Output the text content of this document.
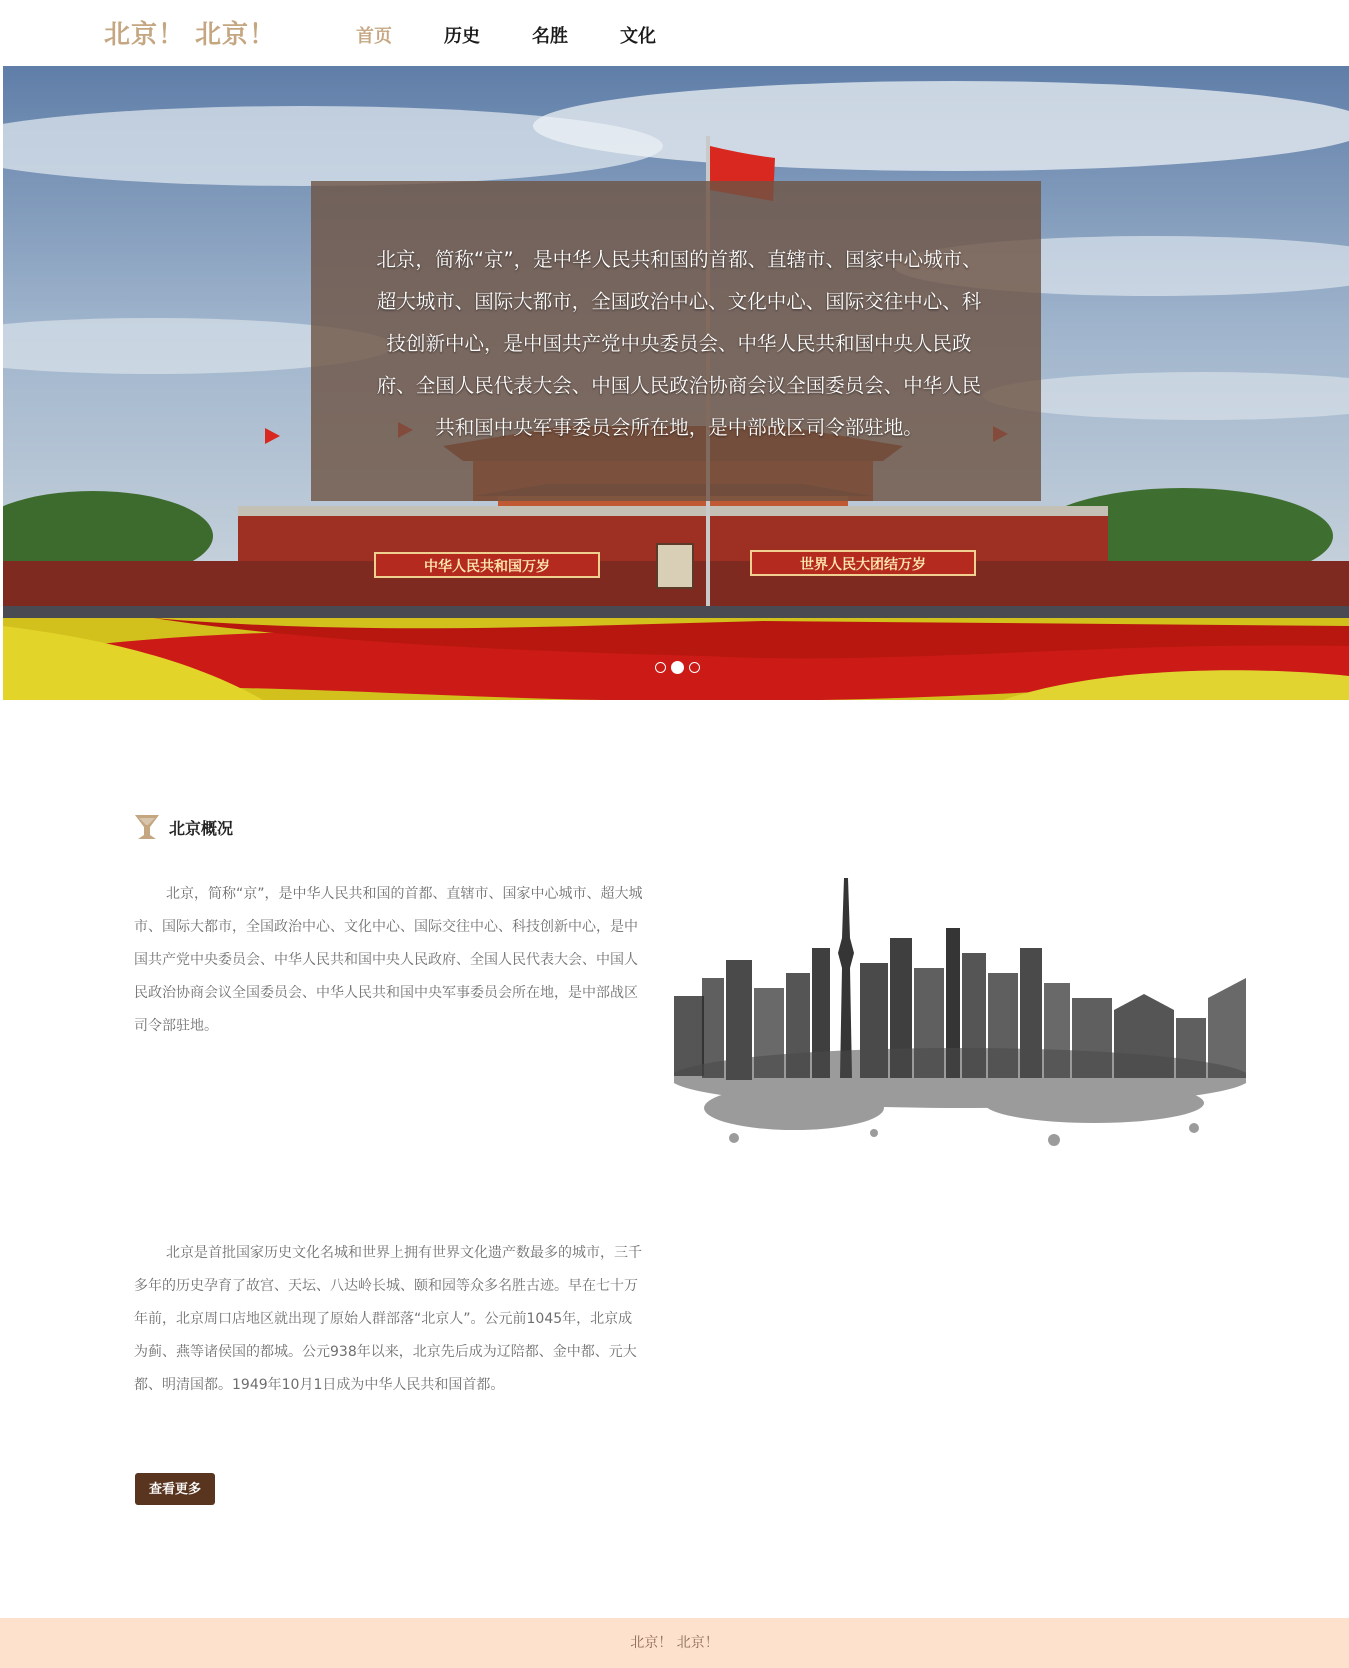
北京！ 北京！	首页	历史	名胜	文化
中华人民共和国万岁	世界人民大团结万岁
北京，简称“京”，是中华人民共和国的首都、直辖市、国家中心城市、超大城市、国际大都市，全国政治中心、文化中心、国际交往中心、科技创新中心，是中国共产党中央委员会、中华人民共和国中央人民政府、全国人民代表大会、中国人民政治协商会议全国委员会、中华人民共和国中央军事委员会所在地，是中部战区司令部驻地。
北京概况
北京，简称“京”，是中华人民共和国的首都、直辖市、国家中心城市、超大城市、国际大都市，全国政治中心、文化中心、国际交往中心、科技创新中心，是中国共产党中央委员会、中华人民共和国中央人民政府、全国人民代表大会、中国人民政治协商会议全国委员会、中华人民共和国中央军事委员会所在地，是中部战区司令部驻地。
北京是首批国家历史文化名城和世界上拥有世界文化遗产数最多的城市，三千多年的历史孕育了故宫、天坛、八达岭长城、颐和园等众多名胜古迹。早在七十万年前，北京周口店地区就出现了原始人群部落“北京人”。公元前1045年，北京成为蓟、燕等诸侯国的都城。公元938年以来，北京先后成为辽陪都、金中都、元大都、明清国都。1949年10月1日成为中华人民共和国首都。
查看更多
北京！ 北京！
